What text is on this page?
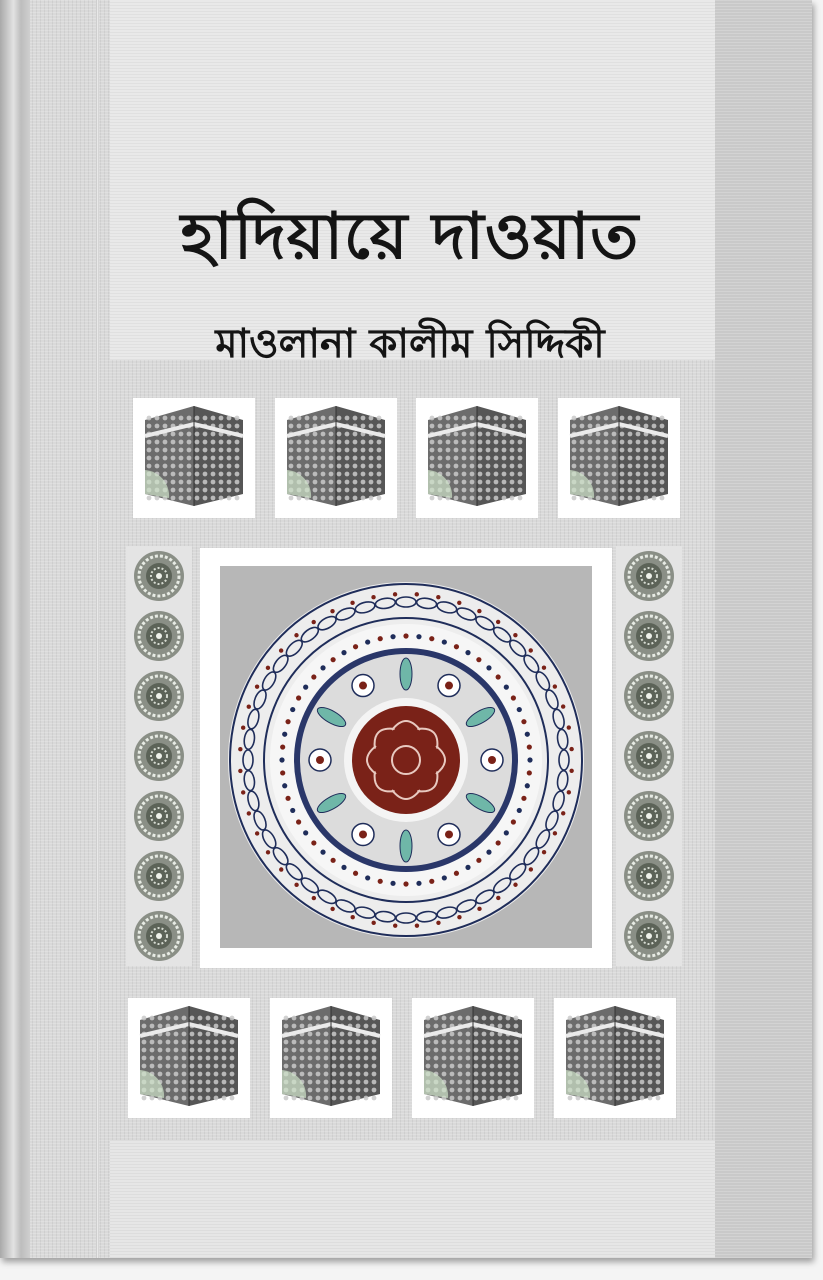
হাদিয়ায়ে দাওয়াত
মাওলানা কালীম সিদ্দিকী
